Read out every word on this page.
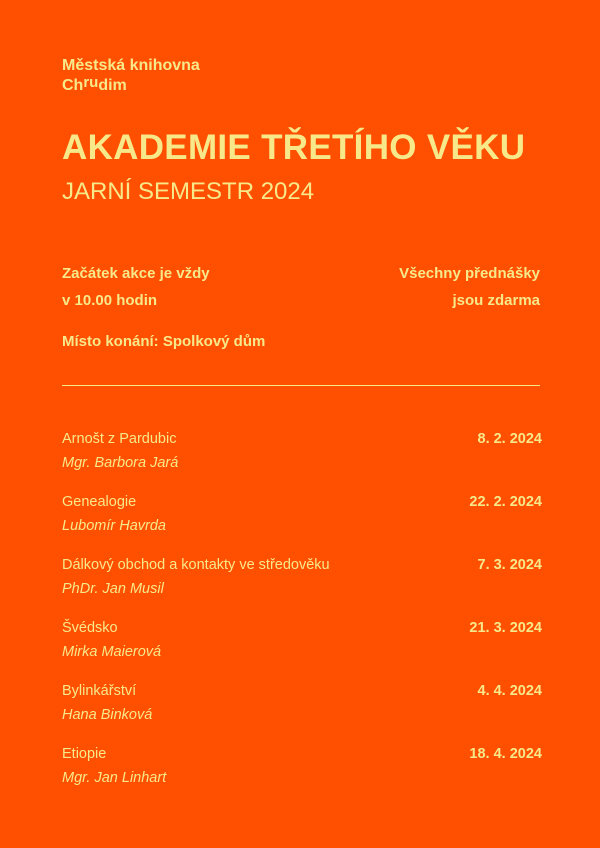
Městská knihovna
Chrudim
AKADEMIE TŘETÍHO VĚKU
JARNÍ SEMESTR 2024
Začátek akce je vždy
v 10.00 hodin
Všechny přednášky
jsou zdarma
Místo konání: Spolkový dům
Arnošt z Pardubic
Mgr. Barbora Jará
8. 2. 2024
Genealogie
Lubomír Havrda
22. 2. 2024
Dálkový obchod a kontakty ve středověku
PhDr. Jan Musil
7. 3. 2024
Švédsko
Mirka Maierová
21. 3. 2024
Bylinkářství
Hana Binková
4. 4. 2024
Etiopie
Mgr. Jan Linhart
18. 4. 2024
